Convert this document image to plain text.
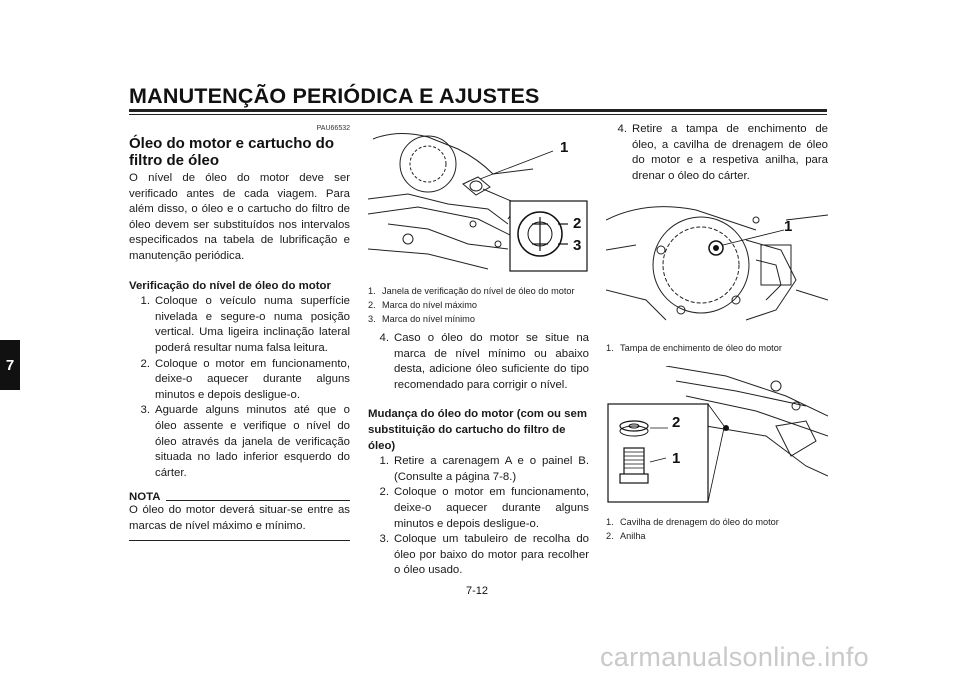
MANUTENÇÃO PERIÓDICA E AJUSTES
7
PAU66532
Óleo do motor e cartucho do
filtro de óleo

O nível de óleo do motor deve ser verificado antes de cada viagem. Para além disso, o óleo e o cartucho do filtro de óleo devem ser substituídos nos intervalos especificados na tabela de lubrificação e manutenção periódica.

Verificação do nível de óleo do motor
1. Coloque o veículo numa superfície nivelada e segure-o numa posição vertical. Uma ligeira inclinação lateral poderá resultar numa falsa leitura.
2. Coloque o motor em funcionamento, deixe-o aquecer durante alguns minutos e depois desligue-o.
3. Aguarde alguns minutos até que o óleo assente e verifique o nível do óleo através da janela de verificação situada no lado inferior esquerdo do cárter.
NOTA

O óleo do motor deverá situar-se entre as marcas de nível máximo e mínimo.

1
2
3
1. Janela de verificação do nível de óleo do motor
2. Marca do nível máximo
3. Marca do nível mínimo
4. Caso o óleo do motor se situe na marca de nível mínimo ou abaixo desta, adicione óleo suficiente do tipo recomendado para corrigir o nível.
Mudança do óleo do motor (com ou sem substituição do cartucho do filtro de óleo)
1. Retire a carenagem A e o painel B. (Consulte a página 7-8.)
2. Coloque o motor em funcionamento, deixe-o aquecer durante alguns minutos e depois desligue-o.
3. Coloque um tabuleiro de recolha do óleo por baixo do motor para recolher o óleo usado.
4. Retire a tampa de enchimento de óleo, a cavilha de drenagem de óleo do motor e a respetiva anilha, para drenar o óleo do cárter.
1
1. Tampa de enchimento de óleo do motor
2
1
1. Cavilha de drenagem do óleo do motor
2. Anilha
7-12
carmanualsonline.info
